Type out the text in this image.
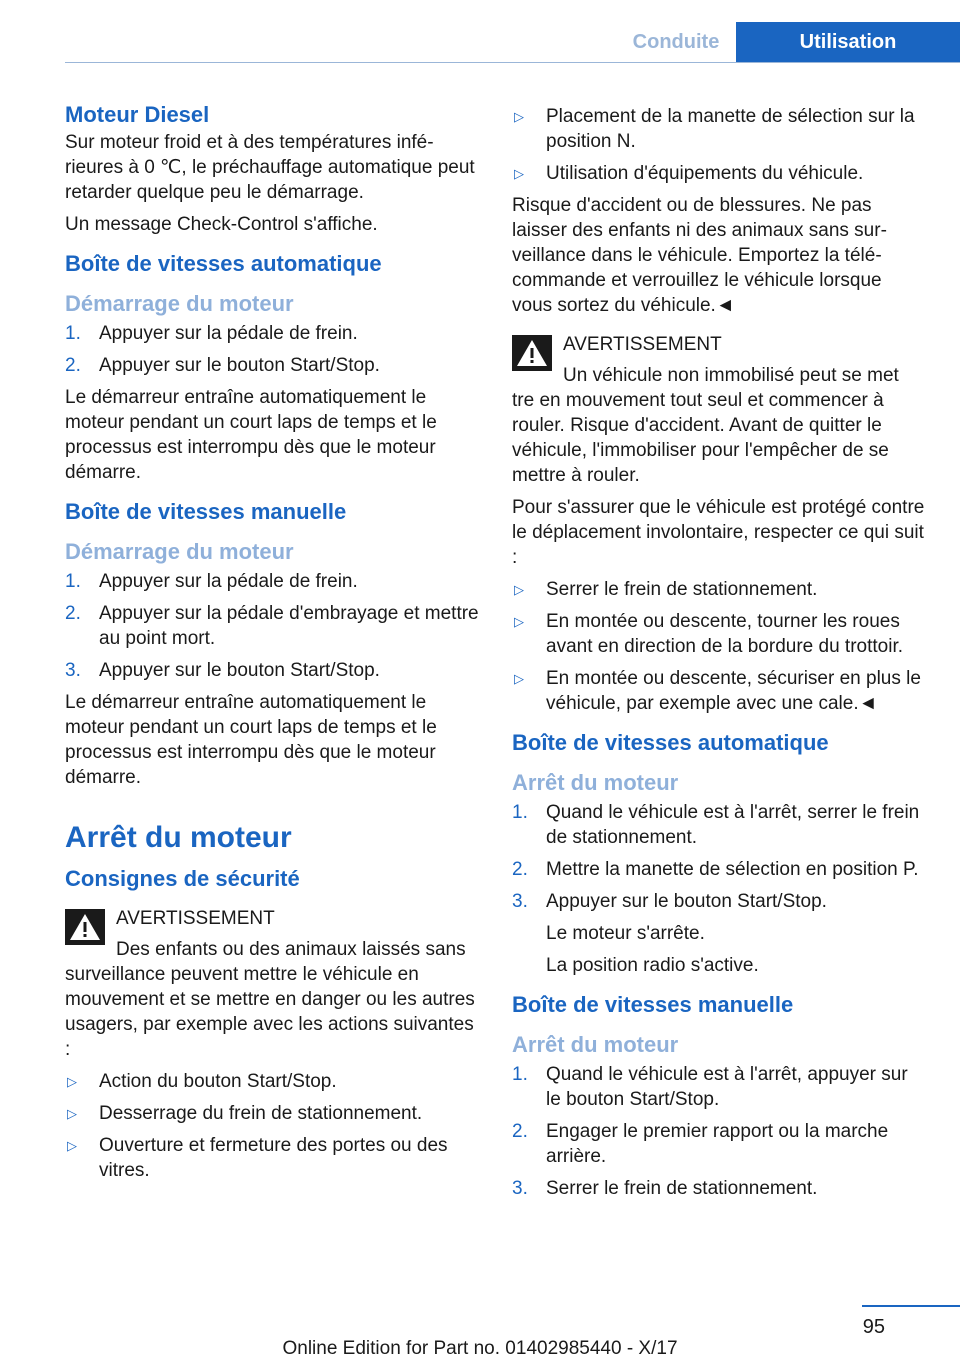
Conduite	Utilisation
Moteur Diesel

Sur moteur froid et à des températures inférieures à 0 ℃, le préchauffage automatique peut retarder quelque peu le démarrage.

Un message Check-Control s'affiche.

Boîte de vitesses automatique
Démarrage du moteur
1. Appuyer sur la pédale de frein.
2. Appuyer sur le bouton Start/Stop.

Le démarreur entraîne automatiquement le moteur pendant un court laps de temps et le processus est interrompu dès que le moteur démarre.

Boîte de vitesses manuelle
Démarrage du moteur
1. Appuyer sur la pédale de frein.
2. Appuyer sur la pédale d'embrayage et mettre au point mort.
3. Appuyer sur le bouton Start/Stop.

Le démarreur entraîne automatiquement le moteur pendant un court laps de temps et le processus est interrompu dès que le moteur démarre.

Arrêt du moteur
Consignes de sécurité

AVERTISSEMENT

Des enfants ou des animaux laissés sans

surveillance peuvent mettre le véhicule en mouvement et se mettre en danger ou les autres usagers, par exemple avec les actions suivantes :

▷	Action du bouton Start/Stop.
▷	Desserrage du frein de stationnement.
▷	Ouverture et fermeture des portes ou des vitres.
▷	Placement de la manette de sélection sur la position N.
▷	Utilisation d'équipements du véhicule.

Risque d'accident ou de blessures. Ne pas laisser des enfants ni des animaux sans surveillance dans le véhicule. Emportez la télécommande et verrouillez le véhicule lorsque vous sortez du véhicule.◄

AVERTISSEMENT

Un véhicule non immobilisé peut se met

tre en mouvement tout seul et commencer à rouler. Risque d'accident. Avant de quitter le véhicule, l'immobiliser pour l'empêcher de se mettre à rouler.

Pour s'assurer que le véhicule est protégé contre le déplacement involontaire, respecter ce qui suit :

▷	Serrer le frein de stationnement.
▷	En montée ou descente, tourner les roues avant en direction de la bordure du trottoir.
▷	En montée ou descente, sécuriser en plus le véhicule, par exemple avec une cale.◄
Boîte de vitesses automatique
Arrêt du moteur
1. Quand le véhicule est à l'arrêt, serrer le frein de stationnement.
2. Mettre la manette de sélection en position P.
3. Appuyer sur le bouton Start/Stop.

Le moteur s'arrête.

La position radio s'active.

Boîte de vitesses manuelle
Arrêt du moteur
1. Quand le véhicule est à l'arrêt, appuyer sur le bouton Start/Stop.
2. Engager le premier rapport ou la marche arrière.
3. Serrer le frein de stationnement.
95
Online Edition for Part no. 01402985440 - X/17
